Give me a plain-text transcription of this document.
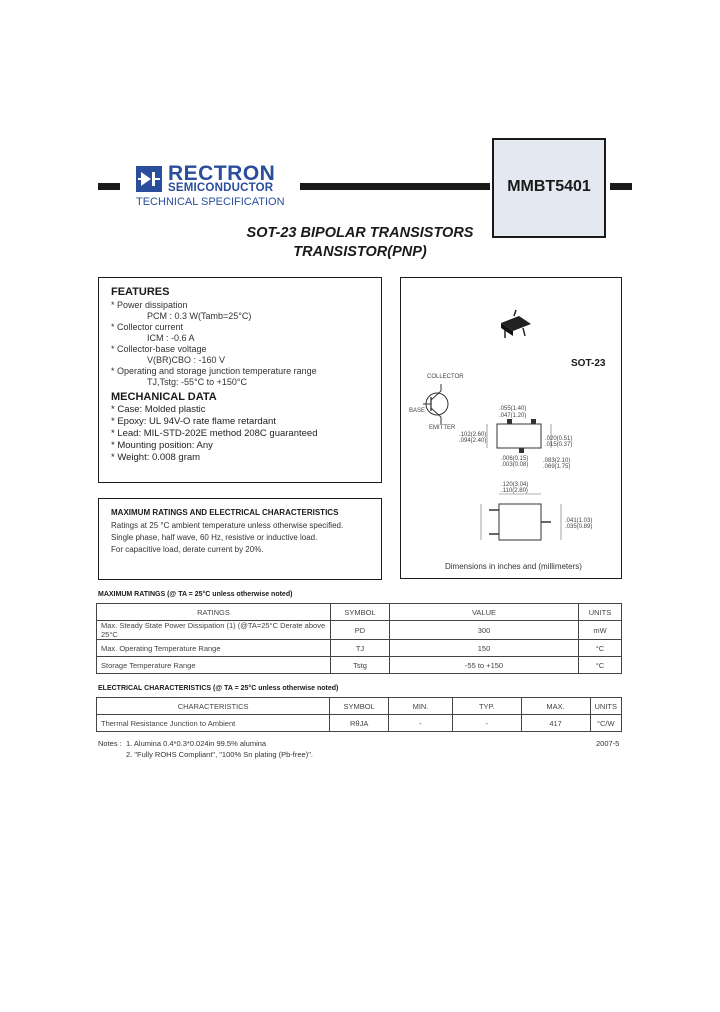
RECTRON
SEMICONDUCTOR
TECHNICAL SPECIFICATION
MMBT5401
SOT-23 BIPOLAR TRANSISTORS
TRANSISTOR(PNP)
FEATURES
* Power dissipation
PCM : 0.3 W(Tamb=25°C)
* Collector current
ICM : -0.6 A
* Collector-base voltage
V(BR)CBO : -160 V
* Operating and storage junction temperature range
TJ,Tstg: -55°C to +150°C
MECHANICAL DATA
* Case: Molded plastic
* Epoxy: UL 94V-O rate flame retardant
* Lead: MIL-STD-202E method 208C guaranteed
* Mounting position: Any
* Weight: 0.008 gram
MAXIMUM RATINGS AND ELECTRICAL CHARACTERISTICS
Ratings at 25 °C ambient temperature unless otherwise specified.
Single phase, half wave, 60 Hz, resistive or inductive load.
For capacitive load, derate current by 20%.
SOT-23
COLLECTOR
BASE
EMITTER
.055(1.40)
.047(1.20)
.020(0.51)
.015(0.37)
.102(2.60)
.094(2.40)
.006(0.15)
.003(0.08)
.120(3.04)
.110(2.80)
.083(2.10)
.069(1.75)
.041(1.03)
.035(0.89)
Dimensions in inches and (millimeters)
MAXIMUM RATINGS (@ TA = 25°C unless otherwise noted)
RATINGS	SYMBOL	VALUE	UNITS
Max. Steady State Power Dissipation (1) (@TA=25°C Derate above 25°C	PD	300	mW
Max. Operating Temperature Range	TJ	150	°C
Storage Temperature Range	Tstg	-55 to +150	°C
ELECTRICAL CHARACTERISTICS (@ TA = 25°C unless otherwise noted)
CHARACTERISTICS	SYMBOL	MIN.	TYP.	MAX.	UNITS
Thermal Resistance Junction to Ambient	RθJA	-	-	417	°C/W
Notes : 1. Alumina 0.4*0.3*0.024in 99.5% alumina
2. "Fully ROHS Compliant", "100% Sn plating (Pb-free)".
2007-5
